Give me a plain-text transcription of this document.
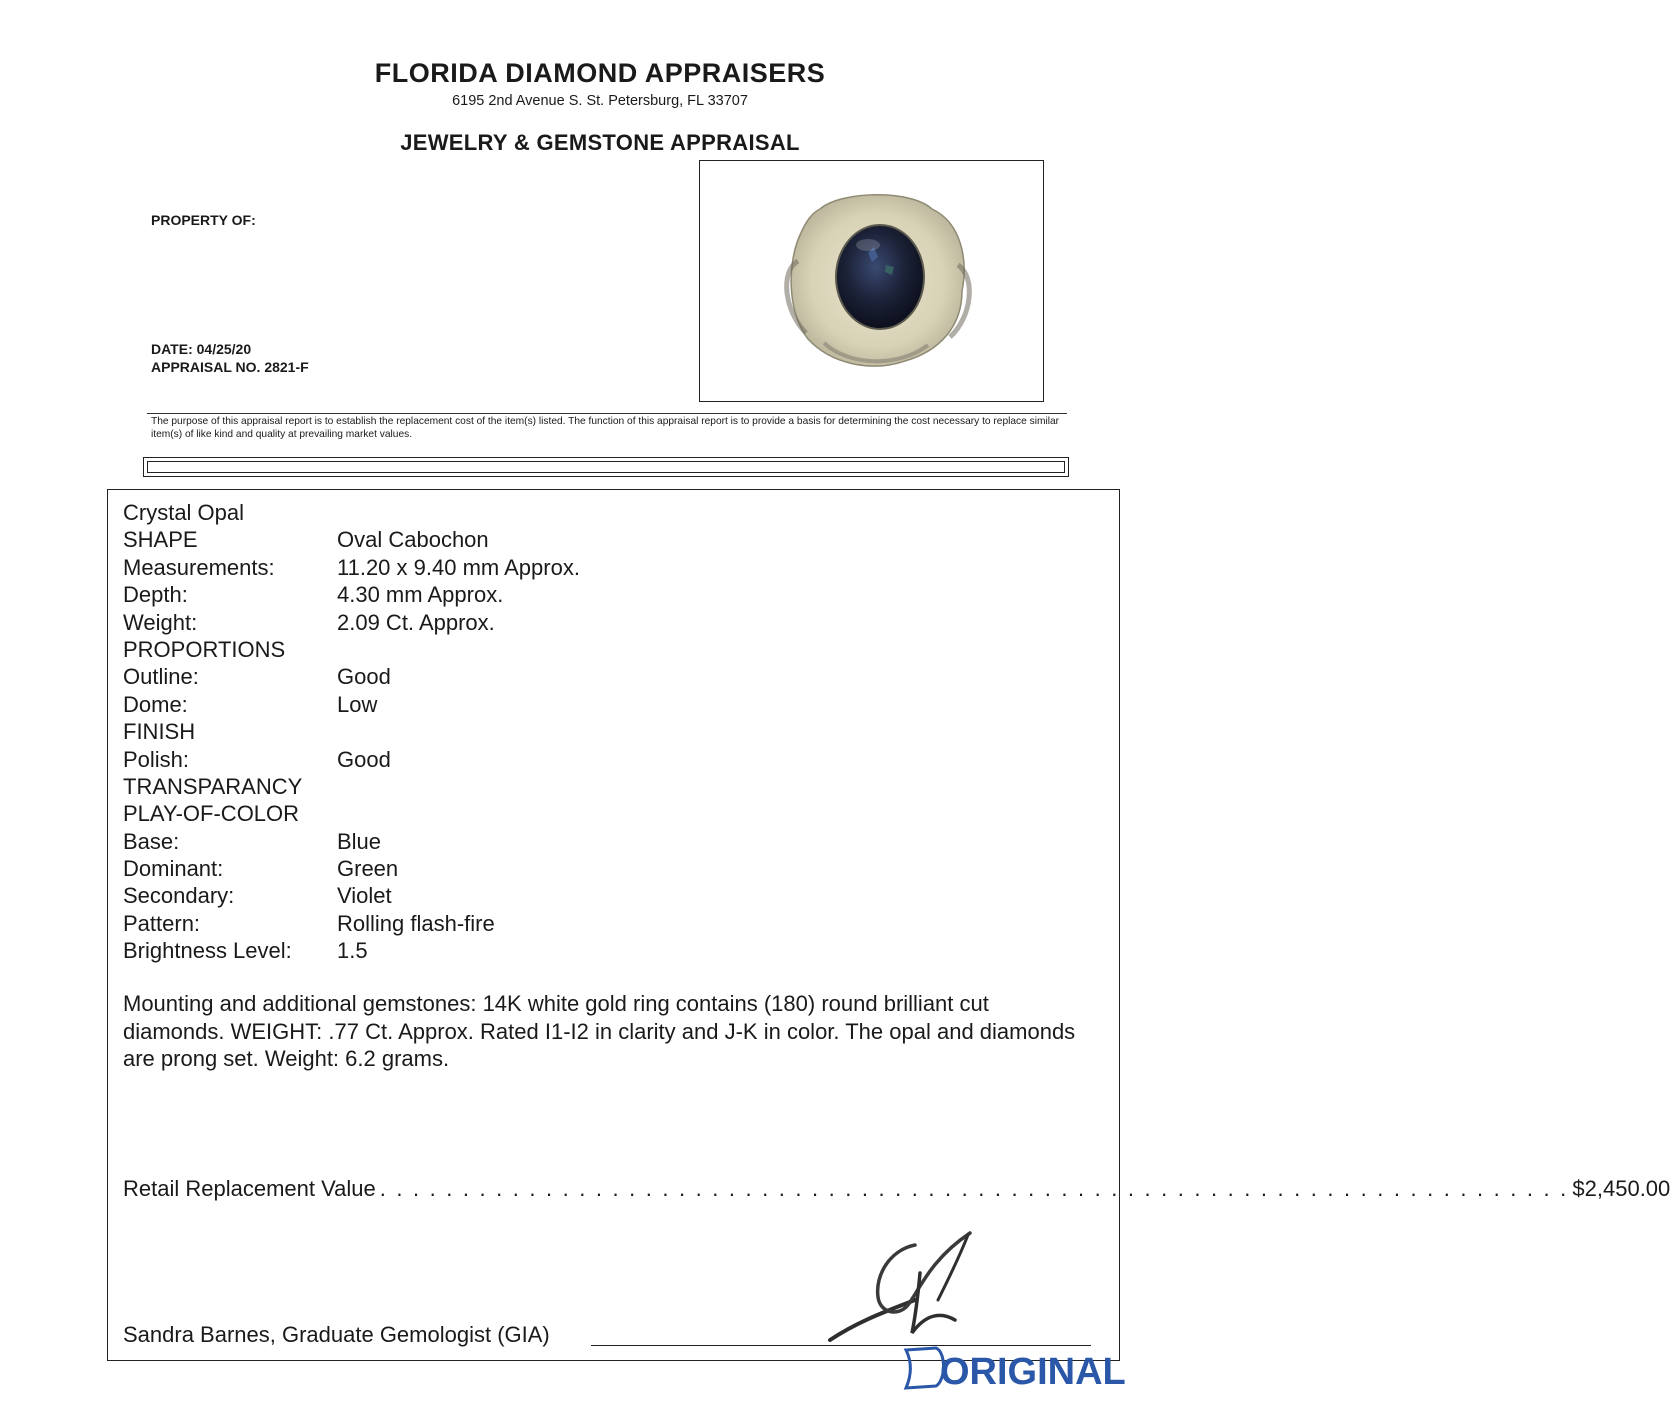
FLORIDA DIAMOND APPRAISERS
6195 2nd Avenue S. St. Petersburg, FL 33707
JEWELRY & GEMSTONE APPRAISAL
PROPERTY OF:
DATE: 04/25/20
APPRAISAL NO. 2821-F
The purpose of this appraisal report is to establish the replacement cost of the item(s) listed. The function of this appraisal report is to provide a basis for determining the cost necessary to replace similar item(s) of like kind and quality at prevailing market values.
Crystal Opal
SHAPE	Oval Cabochon
Measurements:	11.20 x 9.40 mm Approx.
Depth:	4.30 mm Approx.
Weight:	2.09 Ct. Approx.
PROPORTIONS
Outline:	Good
Dome:	Low
FINISH
Polish:	Good
TRANSPARANCY
PLAY-OF-COLOR
Base:	Blue
Dominant:	Green
Secondary:	Violet
Pattern:	Rolling flash-fire
Brightness Level: 1.5
Mounting and additional gemstones: 14K white gold ring contains (180) round brilliant cut diamonds. WEIGHT: .77 Ct. Approx. Rated I1-I2 in clarity and J-K in color. The opal and diamonds are prong set. Weight: 6.2 grams.
Retail Replacement Value . . . . . . . . . . . . . . . . . . . . . . . . . . . . . . . . . . . . . . . . . . . . . . . . . . . . . . . . . . . . . . . . . . . . . . . . $2,450.00
Sandra Barnes, Graduate Gemologist (GIA)
ORIGINAL
